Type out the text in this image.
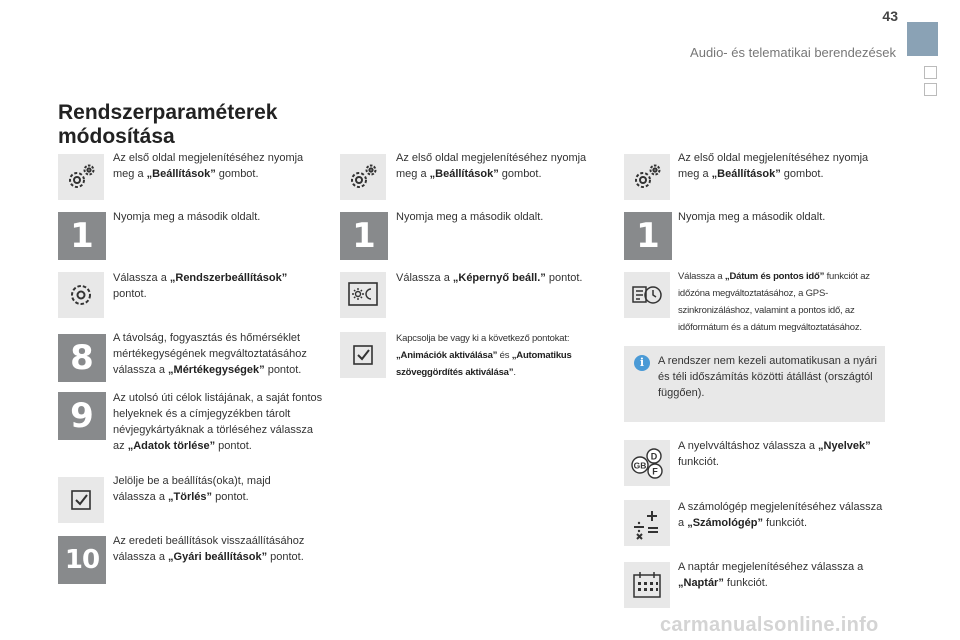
43
Audio- és telematikai berendezések
Rendszerparaméterek
módosítása
Az első oldal megjelenítéséhez nyomja meg a „Beállítások” gombot.
1	Nyomja meg a második oldalt.
Válassza a „Rendszerbeállítások” pontot.
8	A távolság, fogyasztás és hőmérséklet mértékegységének megváltoztatásához válassza a „Mértékegységek” pontot.
9	Az utolsó úti célok listájának, a saját fontos helyeknek és a címjegyzékben tárolt névjegykártyáknak a törléséhez válassza az „Adatok törlése” pontot.
Jelölje be a beállítás(oka)t, majd válassza a „Törlés” pontot.
10
Az eredeti beállítások visszaállításához válassza a „Gyári beállítások” pontot.
Az első oldal megjelenítéséhez nyomja meg a „Beállítások” gombot.
1	Nyomja meg a második oldalt.
Válassza a „Képernyő beáll.” pontot.
Kapcsolja be vagy ki a következő pontokat: „Animációk aktiválása” és „Automatikus szöveggördítés aktiválása”.
Az első oldal megjelenítéséhez nyomja meg a „Beállítások” gombot.
1	Nyomja meg a második oldalt.
Válassza a „Dátum és pontos idő” funkciót az időzóna megváltoztatásához, a GPS-szinkronizáláshoz, valamint a pontos idő, az időformátum és a dátum megváltoztatásához.
i	A rendszer nem kezeli automatikusan a nyári és téli időszámítás közötti átállást (országtól függően).
D
F
GB
A nyelvváltáshoz válassza a „Nyelvek” funkciót.
A számológép megjelenítéséhez válassza a „Számológép” funkciót.
A naptár megjelenítéséhez válassza a „Naptár” funkciót.
carmanualsonline.info
